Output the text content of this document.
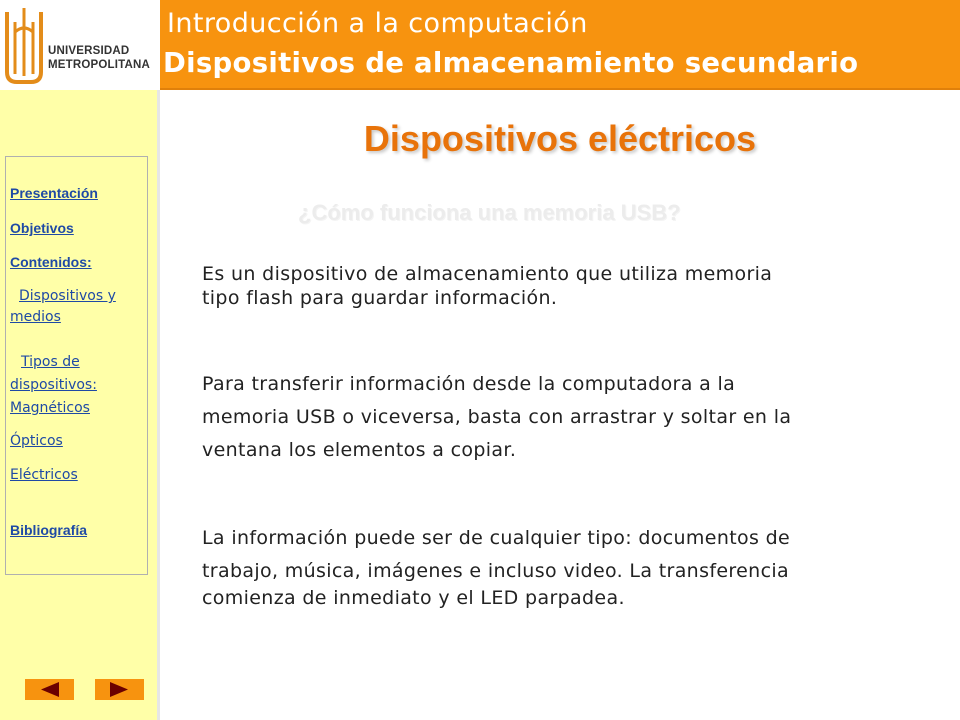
UNIVERSIDAD
METROPOLITANA
Introducción a la computación
Dispositivos de almacenamiento secundario
Presentación
Objetivos
Contenidos:
Dispositivos y
medios
Tipos de
dispositivos:
Magnéticos
Ópticos
Eléctricos
Bibliografía
Dispositivos eléctricos
¿Cómo funciona una memoria USB?
Es un dispositivo de almacenamiento que utiliza memoria
tipo flash para guardar información.
Para transferir información desde la computadora a la
memoria USB o viceversa, basta con arrastrar y soltar en la
ventana los elementos a copiar.
La información puede ser de cualquier tipo: documentos de
trabajo, música, imágenes e incluso video. La transferencia
comienza de inmediato y el LED parpadea.
